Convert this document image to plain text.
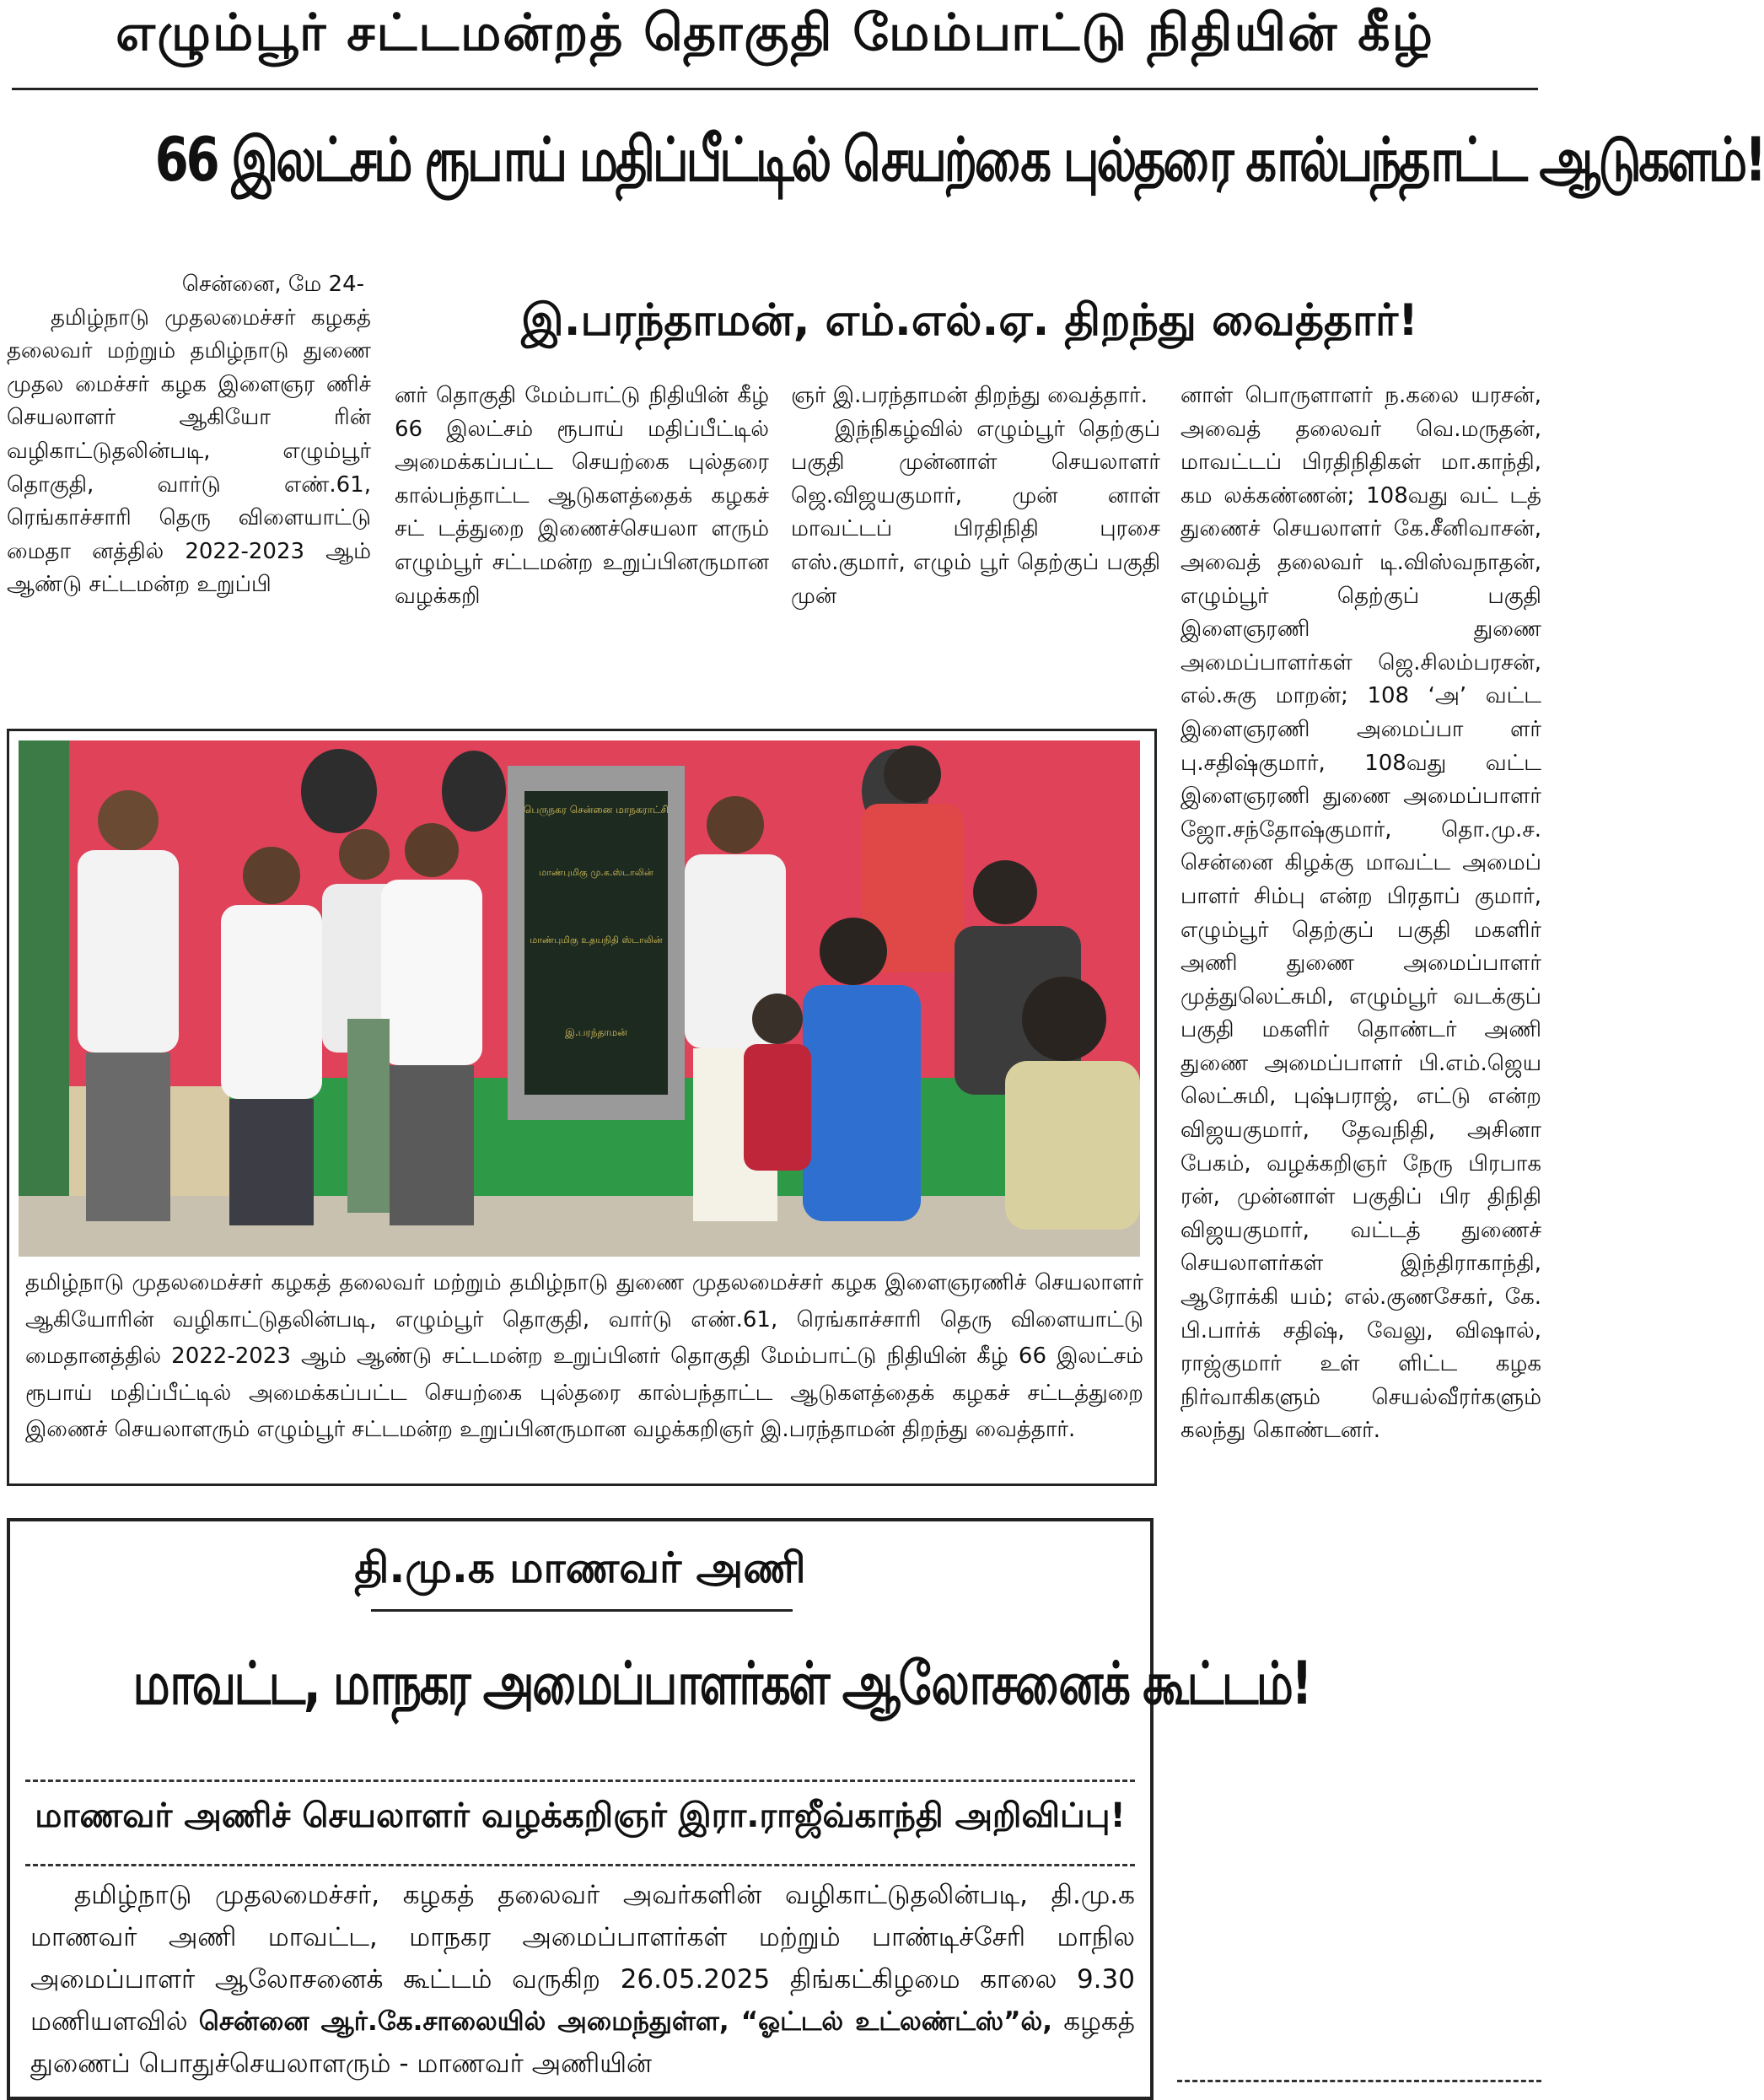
எழும்பூர் சட்டமன்றத் தொகுதி மேம்பாட்டு நிதியின் கீழ்
66 இலட்சம் ரூபாய் மதிப்பீட்டில் செயற்கை புல்தரை கால்பந்தாட்ட ஆடுகளம்!
இ.பரந்தாமன், எம்.எல்.ஏ. திறந்து வைத்தார்!

சென்னை, மே 24-

தமிழ்நாடு முதலமைச்சர் கழகத் தலைவர் மற்றும் தமிழ்நாடு துணை முதல மைச்சர் கழக இளைஞர ணிச் செயலாளர் ஆகியோ ரின் வழிகாட்டுதலின்படி, எழும்பூர் தொகுதி, வார்டு எண்.61, ரெங்காச்சாரி தெரு விளையாட்டு மைதா னத்தில் 2022-2023 ஆம் ஆண்டு சட்டமன்ற உறுப்பி

னர் தொகுதி மேம்பாட்டு நிதியின் கீழ் 66 இலட்சம் ரூபாய் மதிப்பீட்டில் அமைக்கப்பட்ட செயற்கை புல்தரை கால்பந்தாட்ட ஆடுகளத்தைக் கழகச் சட் டத்துறை இணைச்செயலா ளரும் எழும்பூர் சட்டமன்ற உறுப்பினருமான வழக்கறி

ஞர் இ.பரந்தாமன் திறந்து வைத்தார்.

இந்நிகழ்வில் எழும்பூர் தெற்குப் பகுதி முன்னாள் செயலாளர் ஜெ.விஜயகுமார், முன் னாள் மாவட்டப் பிரதிநிதி புரசை எஸ்.குமார், எழும் பூர் தெற்குப் பகுதி முன்

னாள் பொருளாளர் ந.கலை யரசன், அவைத் தலைவர் வெ.மருதன், மாவட்டப் பிரதிநிதிகள் மா.காந்தி, கம லக்கண்ணன்; 108வது வட் டத் துணைச் செயலாளர் கே.சீனிவாசன், அவைத் தலைவர் டி.விஸ்வநாதன், எழும்பூர் தெற்குப் பகுதி இளைஞரணி துணை அமைப்பாளர்கள் ஜெ.சிலம்பரசன், எல்.சுகு மாறன்; 108 ‘அ’ வட்ட இளைஞரணி அமைப்பா ளர் பு.சதிஷ்குமார், 108வது வட்ட இளைஞரணி துணை அமைப்பாளர் ஜோ.சந்தோஷ்குமார், தொ.மு.ச. சென்னை கிழக்கு மாவட்ட அமைப் பாளர் சிம்பு என்ற பிரதாப் குமார், எழும்பூர் தெற்குப் பகுதி மகளிர் அணி துணை அமைப்பாளர் முத்துலெட்சுமி, எழும்பூர் வடக்குப் பகுதி மகளிர் தொண்டர் அணி துணை அமைப்பாளர் பி.எம்.ஜெய லெட்சுமி, புஷ்பராஜ், எட்டு என்ற விஜயகுமார், தேவநிதி, அசினா பேகம், வழக்கறிஞர் நேரு பிரபாக ரன், முன்னாள் பகுதிப் பிர திநிதி விஜயகுமார், வட்டத் துணைச் செயலாளர்கள் இந்திராகாந்தி, ஆரோக்கி யம்; எல்.குணசேகர், கே. பி.பார்க் சதிஷ், வேலு, விஷால், ராஜ்குமார் உள் ளிட்ட கழக நிர்வாகிகளும் செயல்வீரர்களும் கலந்து கொண்டனர்.

பெருநகர சென்னை மாநகராட்சி
மாண்புமிகு மு.க.ஸ்டாலின்
மாண்புமிகு உதயநிதி ஸ்டாலின்
இ.பரந்தாமன்
தமிழ்நாடு முதலமைச்சர் கழகத் தலைவர் மற்றும் தமிழ்நாடு துணை முதலமைச்சர் கழக இளைஞரணிச் செயலாளர் ஆகியோரின் வழிகாட்டுதலின்படி, எழும்பூர் தொகுதி, வார்டு எண்.61, ரெங்காச்சாரி தெரு விளையாட்டு மைதானத்தில் 2022-2023 ஆம் ஆண்டு சட்டமன்ற உறுப்பினர் தொகுதி மேம்பாட்டு நிதியின் கீழ் 66 இலட்சம் ரூபாய் மதிப்பீட்டில் அமைக்கப்பட்ட செயற்கை புல்தரை கால்பந்தாட்ட ஆடுகளத்தைக் கழகச் சட்டத்துறை இணைச் செயலாளரும் எழும்பூர் சட்டமன்ற உறுப்பினருமான வழக்கறிஞர் இ.பரந்தாமன் திறந்து வைத்தார்.
தி.மு.க மாணவர் அணி
மாவட்ட, மாநகர அமைப்பாளர்கள் ஆலோசனைக் கூட்டம்!
மாணவர் அணிச் செயலாளர் வழக்கறிஞர் இரா.ராஜீவ்காந்தி அறிவிப்பு!
தமிழ்நாடு முதலமைச்சர், கழகத் தலைவர் அவர்களின் வழிகாட்டுதலின்படி, தி.மு.க மாணவர் அணி மாவட்ட, மாநகர அமைப்பாளர்கள் மற்றும் பாண்டிச்சேரி மாநில அமைப்பாளர் ஆலோசனைக் கூட்டம் வருகிற 26.05.2025 திங்கட்கிழமை காலை 9.30 மணியளவில் சென்னை ஆர்.கே.சாலையில் அமைந்துள்ள, “ஓட்டல் உட்லண்ட்ஸ்”ல், கழகத் துணைப் பொதுச்செயலாளரும் - மாணவர் அணியின்
